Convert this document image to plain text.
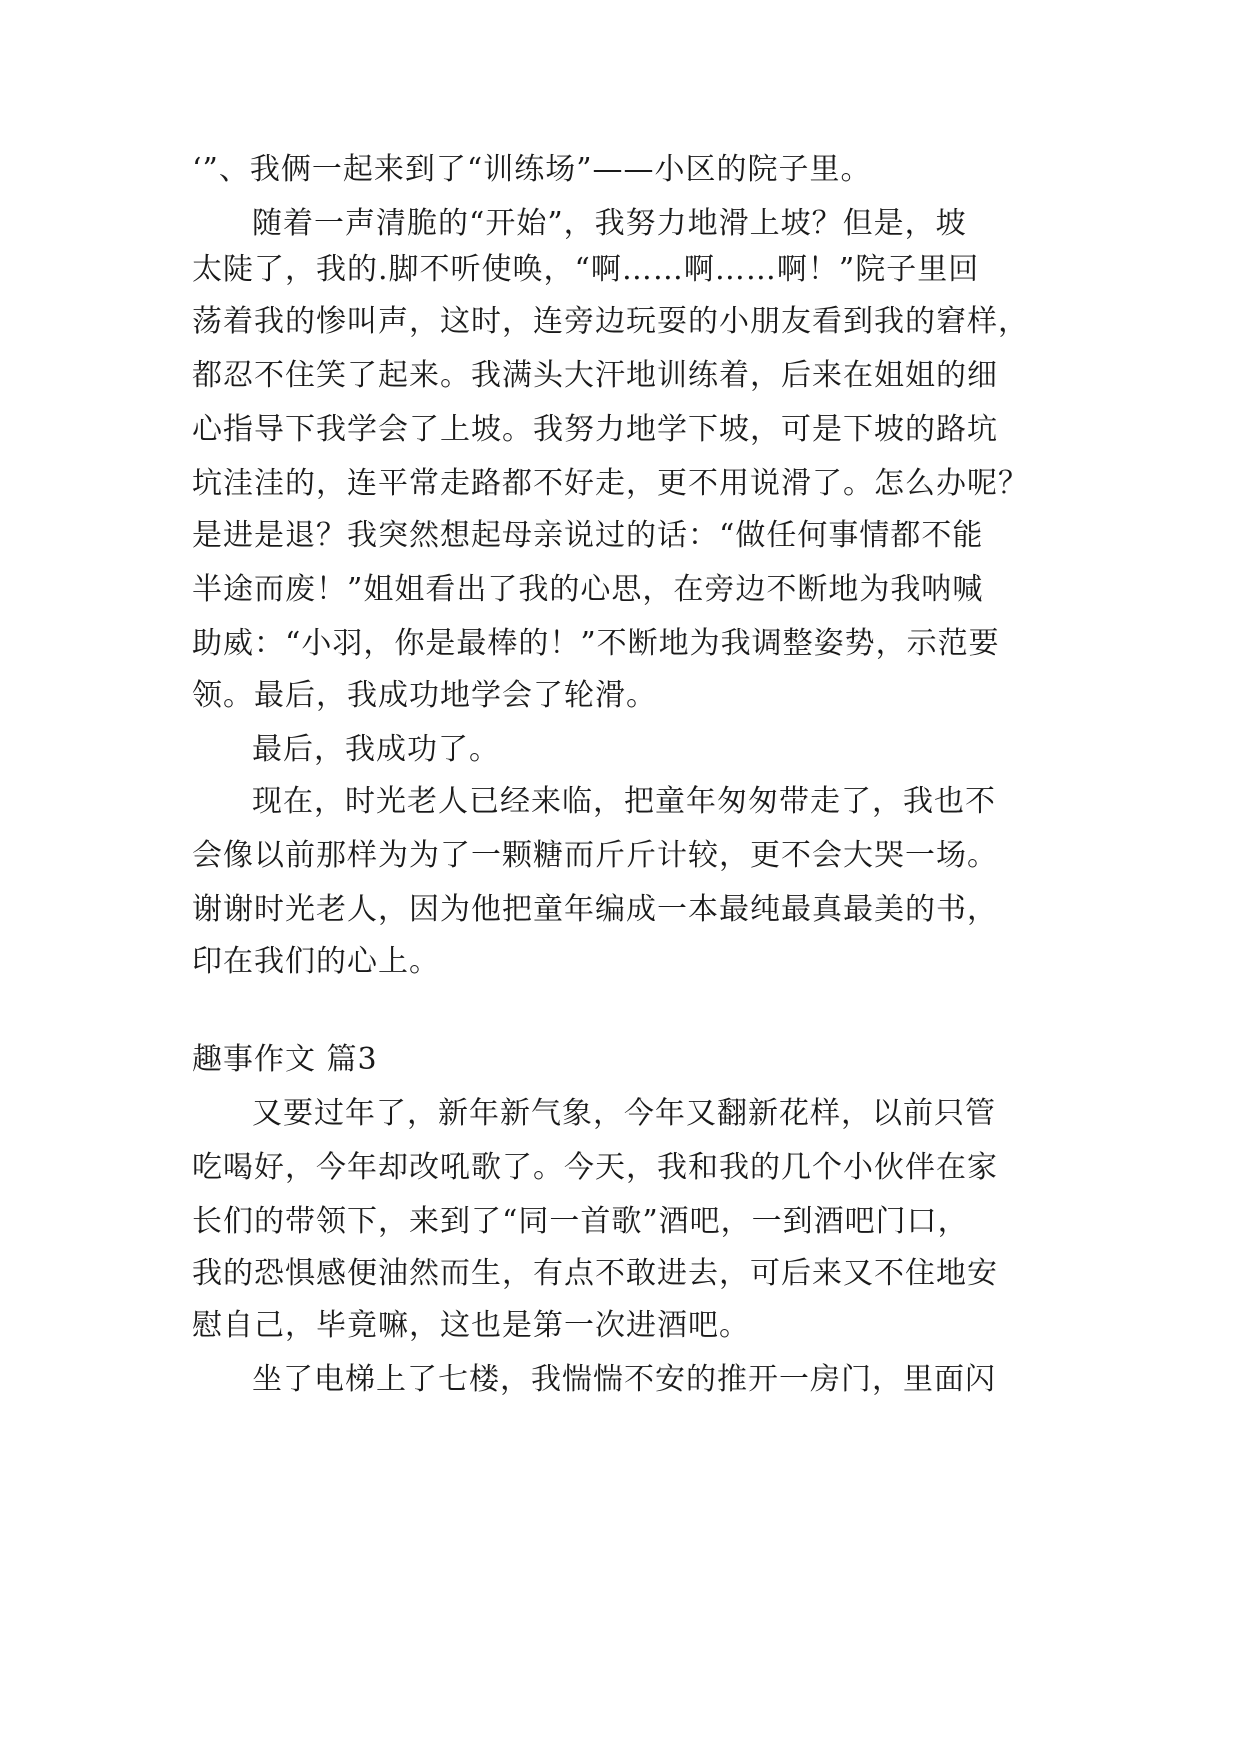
‘”、我俩一起来到了“训练场”——小区的院子里。
随着一声清脆的“开始”，我努力地滑上坡？但是，坡
太陡了，我的.脚不听使唤，“啊……啊……啊！”院子里回
荡着我的惨叫声，这时，连旁边玩耍的小朋友看到我的窘样，
都忍不住笑了起来。我满头大汗地训练着，后来在姐姐的细
心指导下我学会了上坡。我努力地学下坡，可是下坡的路坑
坑洼洼的，连平常走路都不好走，更不用说滑了。怎么办呢？
是进是退？我突然想起母亲说过的话：“做任何事情都不能
半途而废！”姐姐看出了我的心思，在旁边不断地为我呐喊
助威：“小羽，你是最棒的！”不断地为我调整姿势，示范要
领。最后，我成功地学会了轮滑。
最后，我成功了。
现在，时光老人已经来临，把童年匆匆带走了，我也不
会像以前那样为为了一颗糖而斤斤计较，更不会大哭一场。
谢谢时光老人，因为他把童年编成一本最纯最真最美的书，
印在我们的心上。
趣事作文 篇3
又要过年了，新年新气象，今年又翻新花样，以前只管
吃喝好，今年却改吼歌了。今天，我和我的几个小伙伴在家
长们的带领下，来到了“同一首歌”酒吧，一到酒吧门口，
我的恐惧感便油然而生，有点不敢进去，可后来又不住地安
慰自己，毕竟嘛，这也是第一次进酒吧。
坐了电梯上了七楼，我惴惴不安的推开一房门，里面闪
